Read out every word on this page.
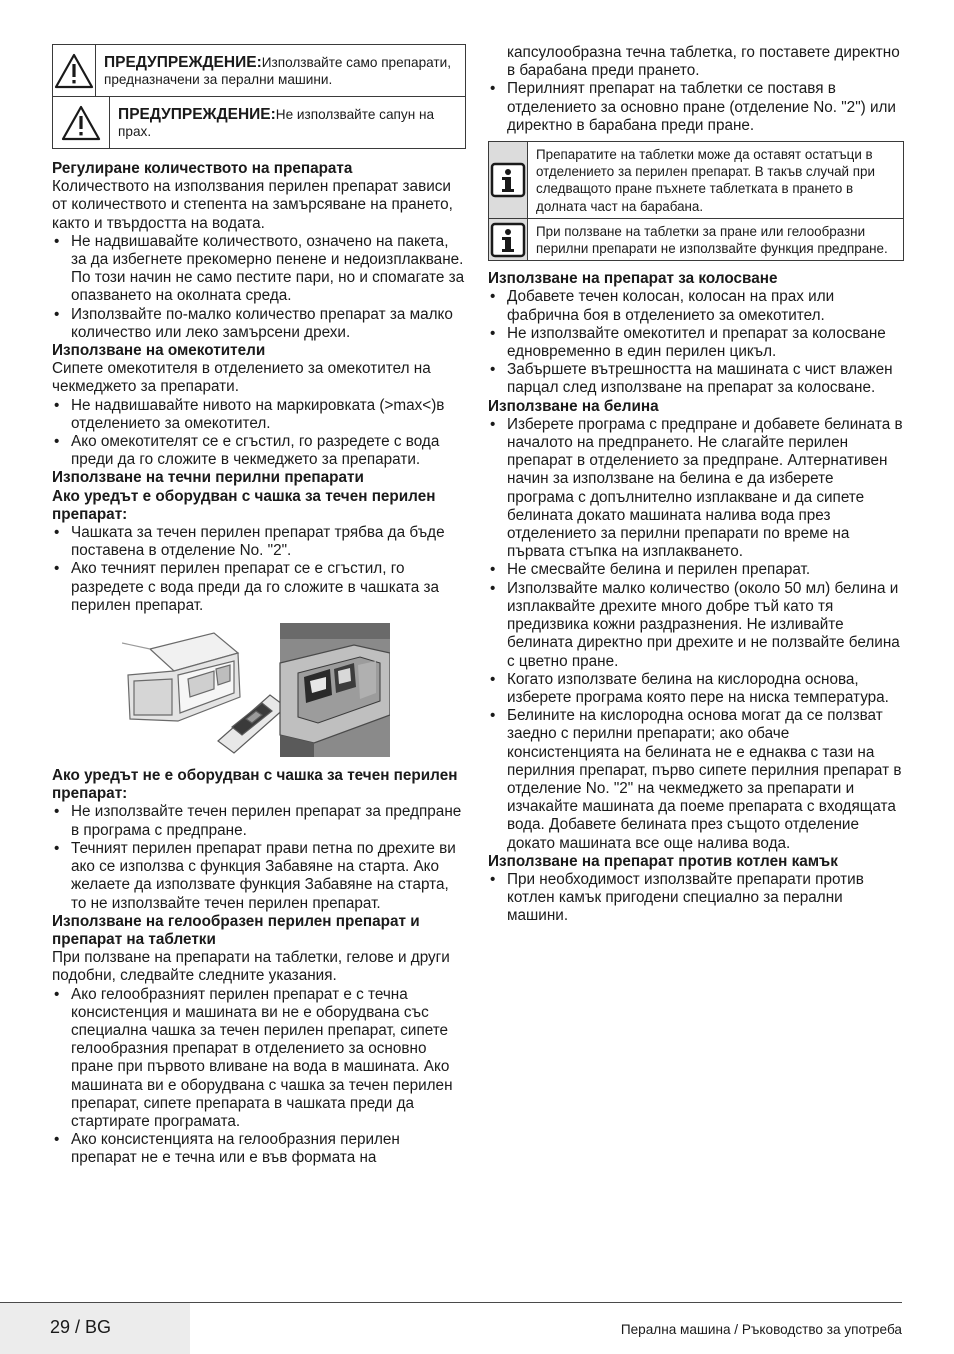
ПРЕДУПРЕЖДЕНИЕ:Използвайте само препарати, предназначени за перални машини.
ПРЕДУПРЕЖДЕНИЕ:Не използвайте сапун на прах.
Регулиране количеството на препарата

Количеството на използвания перилен препарат зависи от количеството и степента на замърсяване на прането, както и твърдостта на водата.

• Не надвишавайте количеството, означено на пакета, за да избегнете прекомерно пенене и недоизплакване. По този начин не само пестите пари, но и спомагате за опазването на околната среда.
• Използвайте по-малко количество препарат за малко количество или леко замърсени дрехи.
Използване на омекотители

Сипете омекотителя в отделението за омекотител на чекмеджето за препарати.

• Не надвишавайте нивото на маркировката (>max<)в отделението за омекотител.
• Ако омекотителят се е сгъстил, го разредете с вода преди да го сложите в чекмеджето за препарати.
Използване на течни перилни препарати
Ако уредът е оборудван с чашка за течен перилен препарат:
• Чашката за течен перилен препарат трябва да бъде поставена в отделение No. "2".
• Ако течният перилен препарат се е сгъстил, го разредете с вода преди да го сложите в чашката за перилен препарат.
Ако уредът не е оборудван с чашка за течен перилен препарат:
• Не използвайте течен перилен препарат за предпране в програма с предпране.
• Течният перилен препарат прави петна по дрехите ви ако се използва с функция Забавяне на старта. Ако желаете да използвате функция Забавяне на старта, то не използвайте течен перилен препарат.
Използване на гелообразен перилен препарат и препарат на таблетки

При ползване на препарати на таблетки, гелове и други подобни, следвайте следните указания.

• Ако гелообразният перилен препарат е с течна консистенция и машината ви не е оборудвана със специална чашка за течен перилен препарат, сипете гелообразния препарат в отделението за основно пране при първото вливане на вода в машината. Ако машината ви е оборудвана с чашка за течен перилен препарат, сипете препарата в чашката преди да стартирате програмата.
• Ако консистенцията на гелообразния перилен препарат не е течна или е във формата на

капсулообразна течна таблетка, го поставете директно в барабана преди прането.

• Перилният препарат на таблетки се поставя в отделението за основно пране (отделение No. "2") или директно в барабана преди пране.
Препаратите на таблетки може да оставят остатъци в отделението за перилен препарат. В такъв случай при следващото пране пъхнете таблетката в прането в долната част на барабана.
При ползване на таблетки за пране или гелообразни перилни препарати не използвайте функция предпране.
Използване на препарат за колосване
• Добавете течен колосан, колосан на прах или фабрична боя в отделението за омекотител.
• Не използвайте омекотител и препарат за колосване едновременно в един перилен цикъл.
• Забършете вътрешността на машината с чист влажен парцал след използване на препарат за колосване.
Използване на белина
• Изберете програма с предпране и добавете белината в началото на предпрането. Не слагайте перилен препарат в отделението за предпране. Алтернативен начин за използване на белина е да изберете програма с допълнително изплакване и да сипете белината докато машината налива вода през отделението за перилни препарати по време на първата стъпка на изплакването.
• Не смесвайте белина и перилен препарат.
• Използвайте малко количество (около 50 мл) белина и изплаквайте дрехите много добре тъй като тя предизвика кожни раздразнения. Не изливайте белината директно при дрехите и не ползвайте белина с цветно пране.
• Когато използвате белина на кислородна основа, изберете програма която пере на ниска температура.
• Белините на кислородна основа могат да се ползват заедно с перилни препарати; ако обаче консистенцията на белината не е еднаква с тази на перилния препарат, първо сипете перилния препарат в отделение No. "2" на чекмеджето за препарати и изчакайте машината да поеме препарата с входящата вода. Добавете белината през същото отделение докато машината все още налива вода.
Използване на препарат против котлен камък
• При необходимост използвайте препарати против котлен камък пригодени специално за перални машини.
29 / BG	Перална машина / Ръководство за употреба
